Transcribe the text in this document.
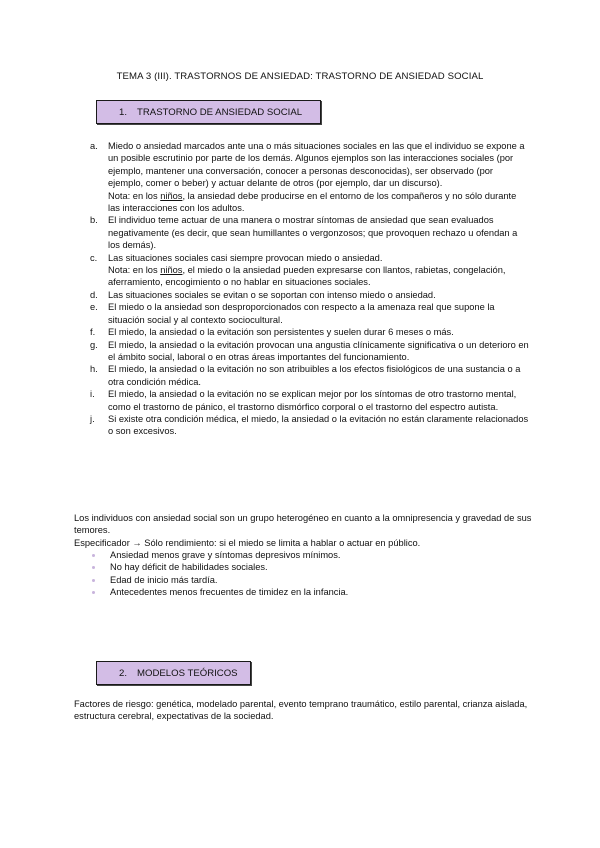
TEMA 3 (III). TRASTORNOS DE ANSIEDAD: TRASTORNO DE ANSIEDAD SOCIAL
1.	TRASTORNO DE ANSIEDAD SOCIAL
a. Miedo o ansiedad marcados ante una o más situaciones sociales en las que el individuo se expone a un posible escrutinio por parte de los demás. Algunos ejemplos son las interacciones sociales (por ejemplo, mantener una conversación, conocer a personas desconocidas), ser observado (por ejemplo, comer o beber) y actuar delante de otros (por ejemplo, dar un discurso).
Nota: en los niños, la ansiedad debe producirse en el entorno de los compañeros y no sólo durante las interacciones con los adultos.
b. El individuo teme actuar de una manera o mostrar síntomas de ansiedad que sean evaluados negativamente (es decir, que sean humillantes o vergonzosos; que provoquen rechazo u ofendan a los demás).
c. Las situaciones sociales casi siempre provocan miedo o ansiedad.
Nota: en los niños, el miedo o la ansiedad pueden expresarse con llantos, rabietas, congelación, aferramiento, encogimiento o no hablar en situaciones sociales.
d. Las situaciones sociales se evitan o se soportan con intenso miedo o ansiedad.
e. El miedo o la ansiedad son desproporcionados con respecto a la amenaza real que supone la situación social y al contexto sociocultural.
f. El miedo, la ansiedad o la evitación son persistentes y suelen durar 6 meses o más.
g. El miedo, la ansiedad o la evitación provocan una angustia clínicamente significativa o un deterioro en el ámbito social, laboral o en otras áreas importantes del funcionamiento.
h. El miedo, la ansiedad o la evitación no son atribuibles a los efectos fisiológicos de una sustancia o a otra condición médica.
i. El miedo, la ansiedad o la evitación no se explican mejor por los síntomas de otro trastorno mental, como el trastorno de pánico, el trastorno dismórfico corporal o el trastorno del espectro autista.
j. Si existe otra condición médica, el miedo, la ansiedad o la evitación no están claramente relacionados o son excesivos.

Los individuos con ansiedad social son un grupo heterogéneo en cuanto a la omnipresencia y gravedad de sus temores.

Especificador → Sólo rendimiento: si el miedo se limita a hablar o actuar en público.

Ansiedad menos grave y síntomas depresivos mínimos.
No hay déficit de habilidades sociales.
Edad de inicio más tardía.
Antecedentes menos frecuentes de timidez en la infancia.
2.	MODELOS TEÓRICOS

Factores de riesgo: genética, modelado parental, evento temprano traumático, estilo parental, crianza aislada, estructura cerebral, expectativas de la sociedad.
